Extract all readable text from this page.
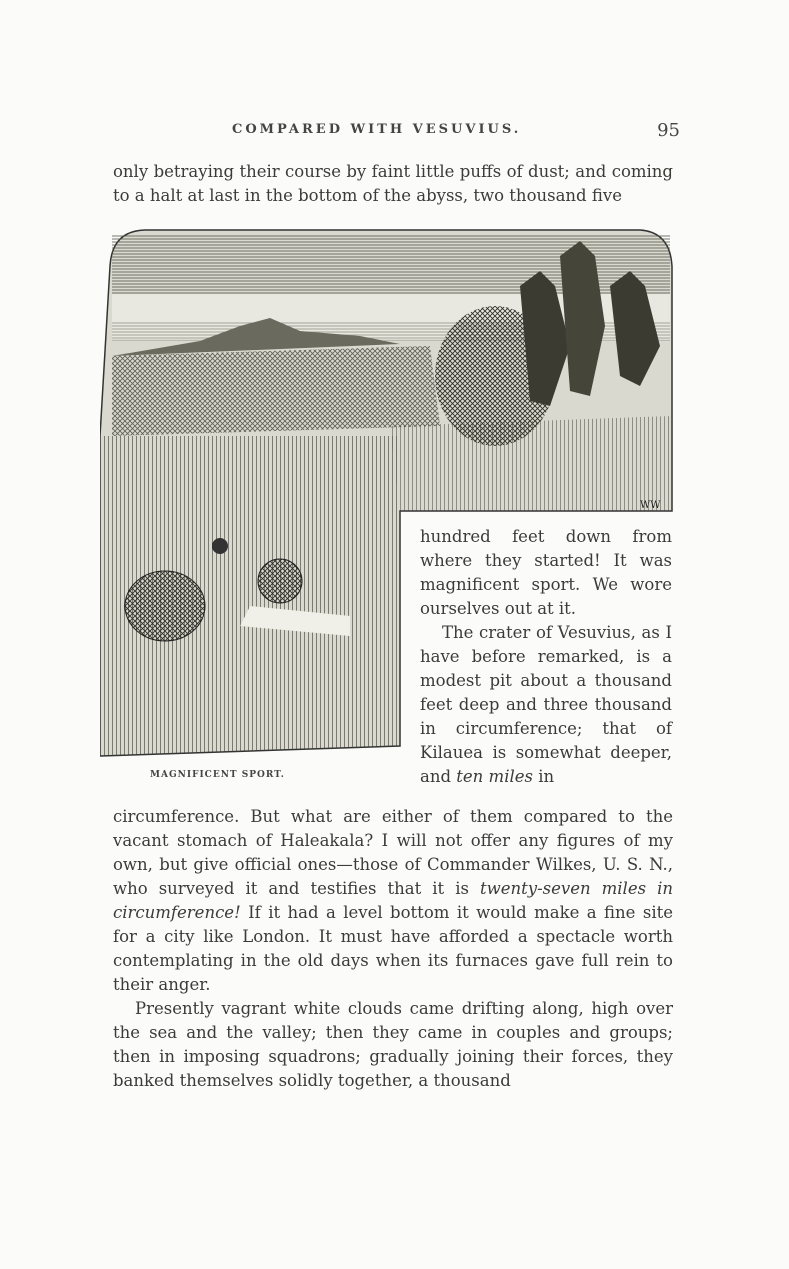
COMPARED WITH VESUVIUS.	95

only betraying their course by faint little puffs of dust; and coming to a halt at last in the bottom of the abyss, two thousand five

WW
MAGNIFICENT SPORT.

hundred feet down from where they started! It was magnificent sport. We wore ourselves out at it.

The crater of Vesuvius, as I have before remarked, is a modest pit about a thousand feet deep and three thousand in circumference; that of Kilauea is somewhat deeper, and ten miles in

circumference. But what are either of them compared to the vacant stomach of Haleakala? I will not offer any figures of my own, but give official ones—those of Commander Wilkes, U. S. N., who surveyed it and testifies that it is twenty-seven miles in circumference! If it had a level bottom it would make a fine site for a city like London. It must have afforded a spectacle worth contemplating in the old days when its furnaces gave full rein to their anger.

Presently vagrant white clouds came drifting along, high over the sea and the valley; then they came in couples and groups; then in imposing squadrons; gradually joining their forces, they banked themselves solidly together, a thousand
